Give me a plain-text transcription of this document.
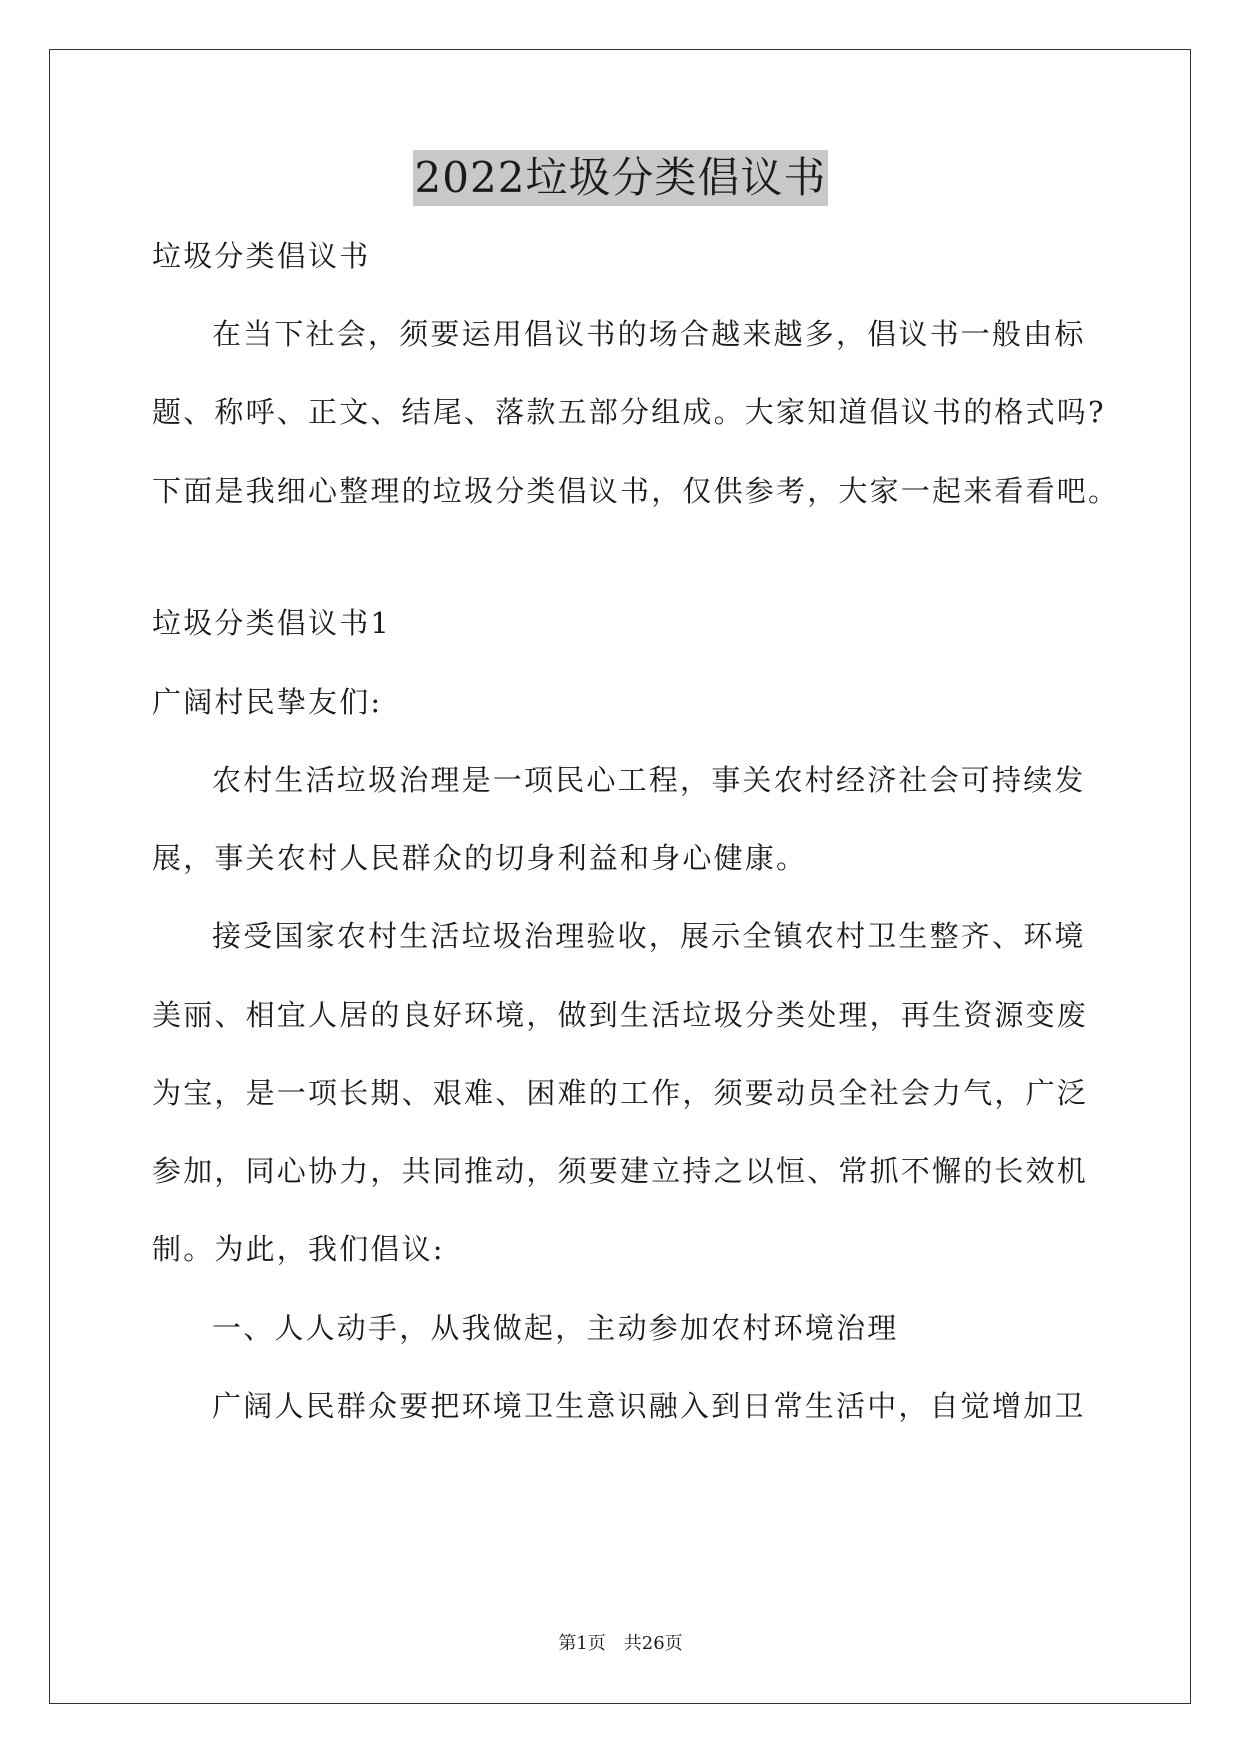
2022垃圾分类倡议书
垃圾分类倡议书
在当下社会，须要运用倡议书的场合越来越多，倡议书一般由标
题、称呼、正文、结尾、落款五部分组成。大家知道倡议书的格式吗?
下面是我细心整理的垃圾分类倡议书，仅供参考，大家一起来看看吧。
垃圾分类倡议书1
广阔村民挚友们:
农村生活垃圾治理是一项民心工程，事关农村经济社会可持续发
展，事关农村人民群众的切身利益和身心健康。
接受国家农村生活垃圾治理验收，展示全镇农村卫生整齐、环境
美丽、相宜人居的良好环境，做到生活垃圾分类处理，再生资源变废
为宝，是一项长期、艰难、困难的工作，须要动员全社会力气，广泛
参加，同心协力，共同推动，须要建立持之以恒、常抓不懈的长效机
制。为此，我们倡议:
一、人人动手，从我做起，主动参加农村环境治理
广阔人民群众要把环境卫生意识融入到日常生活中，自觉增加卫
第1页　共26页
